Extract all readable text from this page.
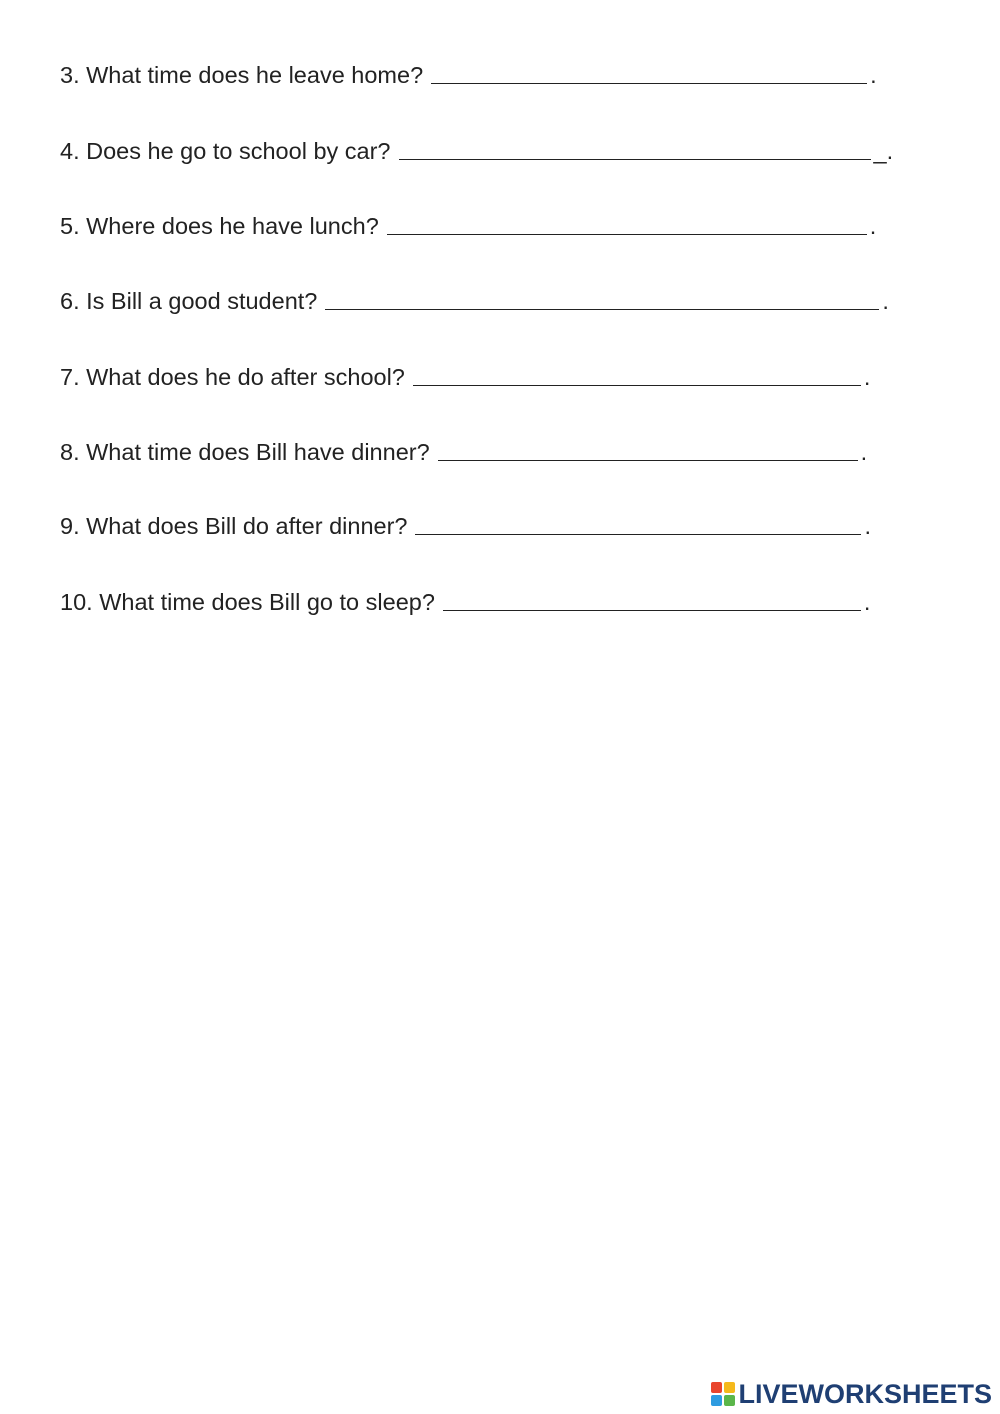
3. What time does he leave home?	.
4. Does he go to school by car?	_.
5. Where does he have lunch?	.
6. Is Bill a good student?	.
7. What does he do after school?	.
8. What time does Bill have dinner?	.
9. What does Bill do after dinner?	.
10. What time does Bill go to sleep?	.
LIVEWORKSHEETS
